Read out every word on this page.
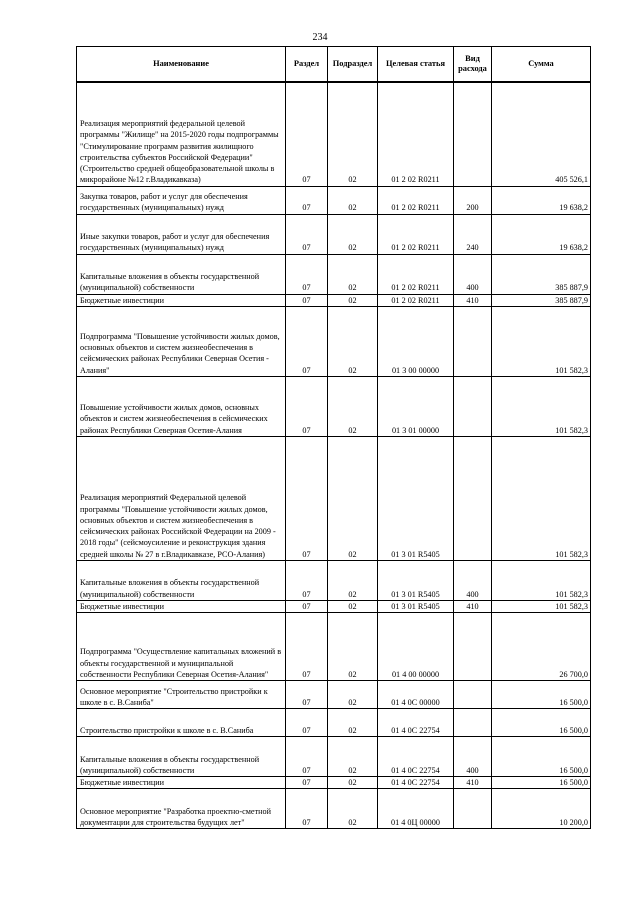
234
Наименование	Раздел	Подраздел	Целевая статья	Вид расхода	Сумма
Реализация мероприятий федеральной целевой программы "Жилище" на 2015-2020 годы подпрограммы "Стимулирование программ развития жилищного строительства субъектов Российской Федерации" (Строительство средней общеобразовательной школы в микрорайоне №12 г.Владикавказа)	07	02	01 2 02 R0211		405 526,1
Закупка товаров, работ и услуг для обеспечения государственных (муниципальных) нужд	07	02	01 2 02 R0211	200	19 638,2
Иные закупки товаров, работ и услуг для обеспечения государственных (муниципальных) нужд	07	02	01 2 02 R0211	240	19 638,2
Капитальные вложения в объекты государственной (муниципальной) собственности	07	02	01 2 02 R0211	400	385 887,9
Бюджетные инвестиции	07	02	01 2 02 R0211	410	385 887,9
Подпрограмма "Повышение устойчивости жилых домов, основных объектов и систем жизнеобеспечения в сейсмических районах Республики Северная Осетия - Алания"	07	02	01 3 00 00000		101 582,3
Повышение устойчивости жилых домов, основных объектов и систем жизнеобеспечения в сейсмических районах Республики Северная Осетия-Алания	07	02	01 3 01 00000		101 582,3
Реализация мероприятий Федеральной целевой программы "Повышение устойчивости жилых домов, основных объектов и систем жизнеобеспечения в сейсмических районах Российской Федерации на 2009 - 2018 годы" (сейсмоусиление и реконструкция здания средней школы № 27 в г.Владикавказе, РСО-Алания)	07	02	01 3 01 R5405		101 582,3
Капитальные вложения в объекты государственной (муниципальной) собственности	07	02	01 3 01 R5405	400	101 582,3
Бюджетные инвестиции	07	02	01 3 01 R5405	410	101 582,3
Подпрограмма "Осуществление капитальных вложений в объекты государственной и муниципальной собственности Республики Северная Осетия-Алания"	07	02	01 4 00 00000		26 700,0
Основное мероприятие "Строительство пристройки к школе в с. В.Саниба"	07	02	01 4 0С 00000		16 500,0
Строительство пристройки к школе в с. В.Саниба	07	02	01 4 0С 22754		16 500,0
Капитальные вложения в объекты государственной (муниципальной) собственности	07	02	01 4 0С 22754	400	16 500,0
Бюджетные инвестиции	07	02	01 4 0С 22754	410	16 500,0
Основное мероприятие "Разработка проектно-сметной документации для строительства будущих лет"	07	02	01 4 0Ц 00000		10 200,0
